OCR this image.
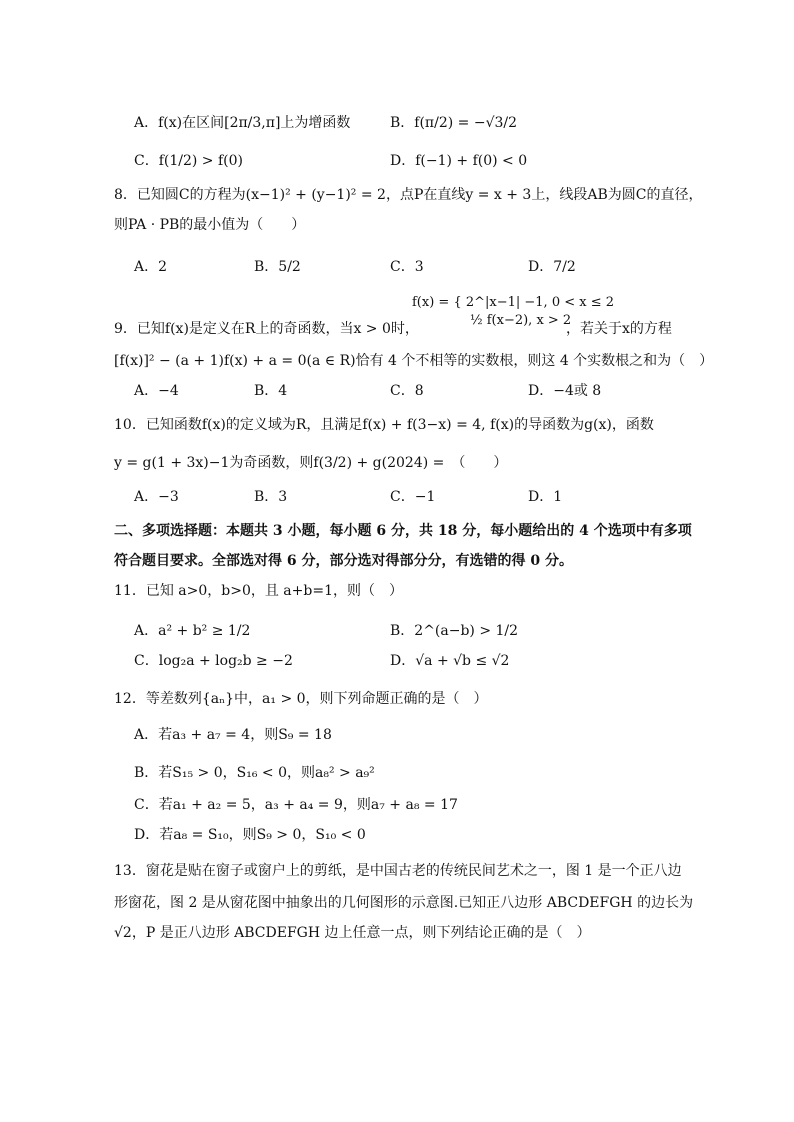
A．f(x)在区间[2π/3,π]上为增函数	B．f(π/2) = −√3/2
C．f(1/2) > f(0)	D．f(−1) + f(0) < 0
8．已知圆C的方程为(x−1)² + (y−1)² = 2，点P在直线y = x + 3上，线段AB为圆C的直径，
则PA · PB的最小值为（　　）
A．2	B．5/2	C．3	D．7/2
f(x) = { 2^|x−1| −1, 0 < x ≤ 2
½ f(x−2), x > 2
9．已知f(x)是定义在R上的奇函数，当x > 0时，	，若关于x的方程
[f(x)]² − (a + 1)f(x) + a = 0(a ∈ R)恰有 4 个不相等的实数根，则这 4 个实数根之和为（　）
A．−4	B．4	C．8	D．−4或 8
10．已知函数f(x)的定义域为R，且满足f(x) + f(3−x) = 4, f(x)的导函数为g(x)，函数
y = g(1 + 3x)−1为奇函数，则f(3/2) + g(2024) =　（　　）
A．−3	B．3	C．−1	D．1
二、多项选择题：本题共 3 小题，每小题 6 分，共 18 分，每小题给出的 4 个选项中有多项
符合题目要求。全部选对得 6 分，部分选对得部分分，有选错的得 0 分。
11．已知 a>0，b>0，且 a+b=1，则（　）
A．a² + b² ≥ 1/2	B．2^(a−b) > 1/2
C．log₂a + log₂b ≥ −2	D．√a + √b ≤ √2
12．等差数列{aₙ}中，a₁ > 0，则下列命题正确的是（　）
A．若a₃ + a₇ = 4，则S₉ = 18
B．若S₁₅ > 0，S₁₆ < 0，则a₈² > a₉²
C．若a₁ + a₂ = 5，a₃ + a₄ = 9，则a₇ + a₈ = 17
D．若a₈ = S₁₀，则S₉ > 0，S₁₀ < 0
13．窗花是贴在窗子或窗户上的剪纸，是中国古老的传统民间艺术之一，图 1 是一个正八边
形窗花，图 2 是从窗花图中抽象出的几何图形的示意图.已知正八边形 ABCDEFGH 的边长为
√2，P 是正八边形 ABCDEFGH 边上任意一点，则下列结论正确的是（　）
